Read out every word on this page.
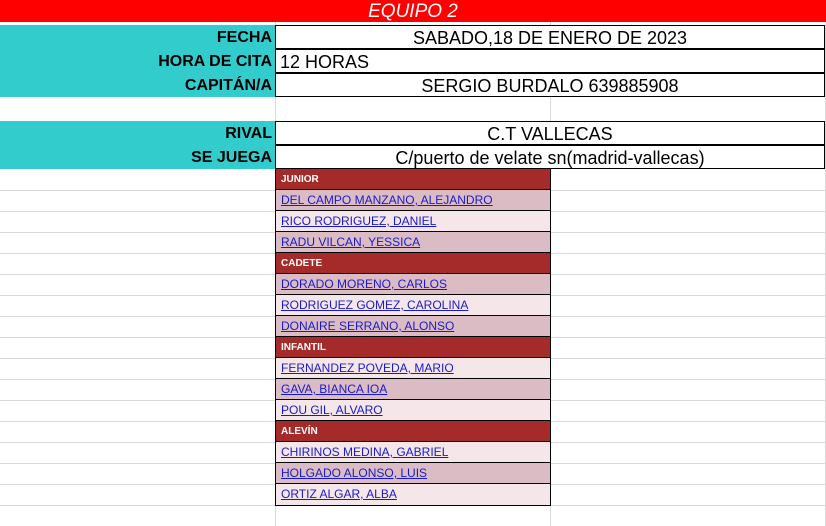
EQUIPO 2
FECHA	SABADO,18 DE ENERO DE 2023
HORA DE CITA 12 HORAS
CAPITÁN/A	SERGIO BURDALO 639885908
RIVAL	C.T VALLECAS
SE JUEGA	C/puerto de velate sn(madrid-vallecas)
JUNIOR
DEL CAMPO MANZANO, ALEJANDRO
RICO RODRIGUEZ, DANIEL
RADU VILCAN, YESSICA
CADETE
DORADO MORENO, CARLOS
RODRIGUEZ GOMEZ, CAROLINA
DONAIRE SERRANO, ALONSO
INFANTIL
FERNANDEZ POVEDA, MARIO
GAVA, BIANCA IOA
POU GIL, ALVARO
ALEVÍN
CHIRINOS MEDINA, GABRIEL
HOLGADO ALONSO, LUIS
ORTIZ ALGAR, ALBA
